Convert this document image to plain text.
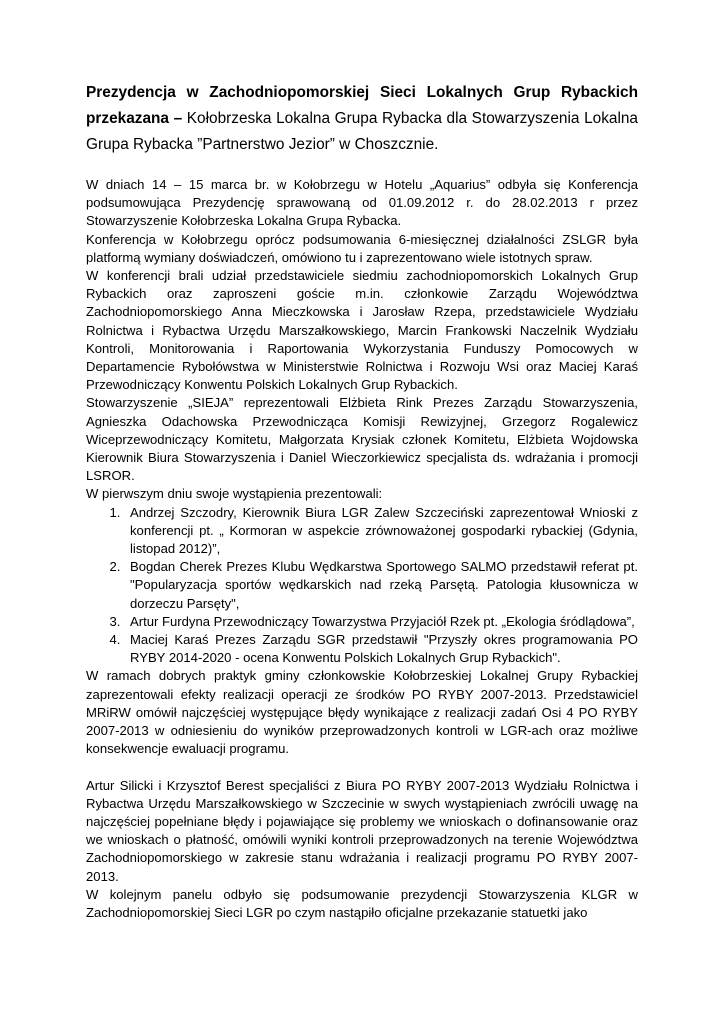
Prezydencja w Zachodniopomorskiej Sieci Lokalnych Grup Rybackich przekazana – Kołobrzeska Lokalna Grupa Rybacka dla Stowarzyszenia Lokalna Grupa Rybacka ”Partnerstwo Jezior” w Choszcznie.

W dniach 14 – 15 marca br. w Kołobrzegu w Hotelu „Aquarius” odbyła się Konferencja podsumowująca Prezydencję sprawowaną od 01.09.2012 r. do 28.02.2013 r przez Stowarzyszenie Kołobrzeska Lokalna Grupa Rybacka.

Konferencja w Kołobrzegu oprócz podsumowania 6-miesięcznej działalności ZSLGR była platformą wymiany doświadczeń, omówiono tu i zaprezentowano wiele istotnych spraw.

W konferencji brali udział przedstawiciele siedmiu zachodniopomorskich Lokalnych Grup Rybackich oraz zaproszeni goście m.in. członkowie Zarządu Województwa Zachodniopomorskiego Anna Mieczkowska i Jarosław Rzepa, przedstawiciele Wydziału Rolnictwa i Rybactwa Urzędu Marszałkowskiego, Marcin Frankowski Naczelnik Wydziału Kontroli, Monitorowania i Raportowania Wykorzystania Funduszy Pomocowych w Departamencie Rybołówstwa w Ministerstwie Rolnictwa i Rozwoju Wsi oraz Maciej Karaś Przewodniczący Konwentu Polskich Lokalnych Grup Rybackich.

Stowarzyszenie „SIEJA” reprezentowali Elżbieta Rink Prezes Zarządu Stowarzyszenia, Agnieszka Odachowska Przewodnicząca Komisji Rewizyjnej, Grzegorz Rogalewicz Wiceprzewodniczący Komitetu, Małgorzata Krysiak członek Komitetu, Elżbieta Wojdowska Kierownik Biura Stowarzyszenia i Daniel Wieczorkiewicz specjalista ds. wdrażania i promocji LSROR.

W pierwszym dniu swoje wystąpienia prezentowali:

1. Andrzej Szczodry, Kierownik Biura LGR Zalew Szczeciński zaprezentował Wnioski z konferencji pt. „ Kormoran w aspekcie zrównoważonej gospodarki rybackiej (Gdynia, listopad 2012)”,
2. Bogdan Cherek Prezes Klubu Wędkarstwa Sportowego SALMO przedstawił referat pt. "Popularyzacja sportów wędkarskich nad rzeką Parsętą. Patologia kłusownicza w dorzeczu Parsęty",
3. Artur Furdyna Przewodniczący Towarzystwa Przyjaciół Rzek pt. „Ekologia śródlądowa”,
4. Maciej Karaś Prezes Zarządu SGR przedstawił "Przyszły okres programowania PO RYBY 2014-2020 - ocena Konwentu Polskich Lokalnych Grup Rybackich".

W ramach dobrych praktyk gminy członkowskie Kołobrzeskiej Lokalnej Grupy Rybackiej zaprezentowali efekty realizacji operacji ze środków PO RYBY 2007-2013. Przedstawiciel MRiRW omówił najczęściej występujące błędy wynikające z realizacji zadań Osi 4 PO RYBY 2007-2013 w odniesieniu do wyników przeprowadzonych kontroli w LGR-ach oraz możliwe konsekwencje ewaluacji programu.

Artur Silicki i Krzysztof Berest specjaliści z Biura PO RYBY 2007-2013 Wydziału Rolnictwa i Rybactwa Urzędu Marszałkowskiego w Szczecinie w swych wystąpieniach zwrócili uwagę na najczęściej popełniane błędy i pojawiające się problemy we wnioskach o dofinansowanie oraz we wnioskach o płatność, omówili wyniki kontroli przeprowadzonych na terenie Województwa Zachodniopomorskiego w zakresie stanu wdrażania i realizacji programu PO RYBY 2007-2013.

W kolejnym panelu odbyło się podsumowanie prezydencji Stowarzyszenia KLGR w Zachodniopomorskiej Sieci LGR po czym nastąpiło oficjalne przekazanie statuetki jako
